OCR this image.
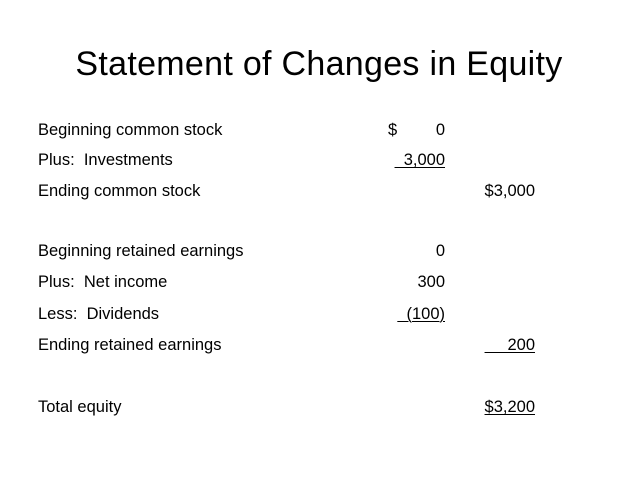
Statement of Changes in Equity
Beginning common stock	$ 0
Plus:  Investments	3,000
Ending common stock	$3,000
Beginning retained earnings	0
Plus:  Net income	300
Less:  Dividends	(100)
Ending retained earnings	200
Total equity	$3,200
